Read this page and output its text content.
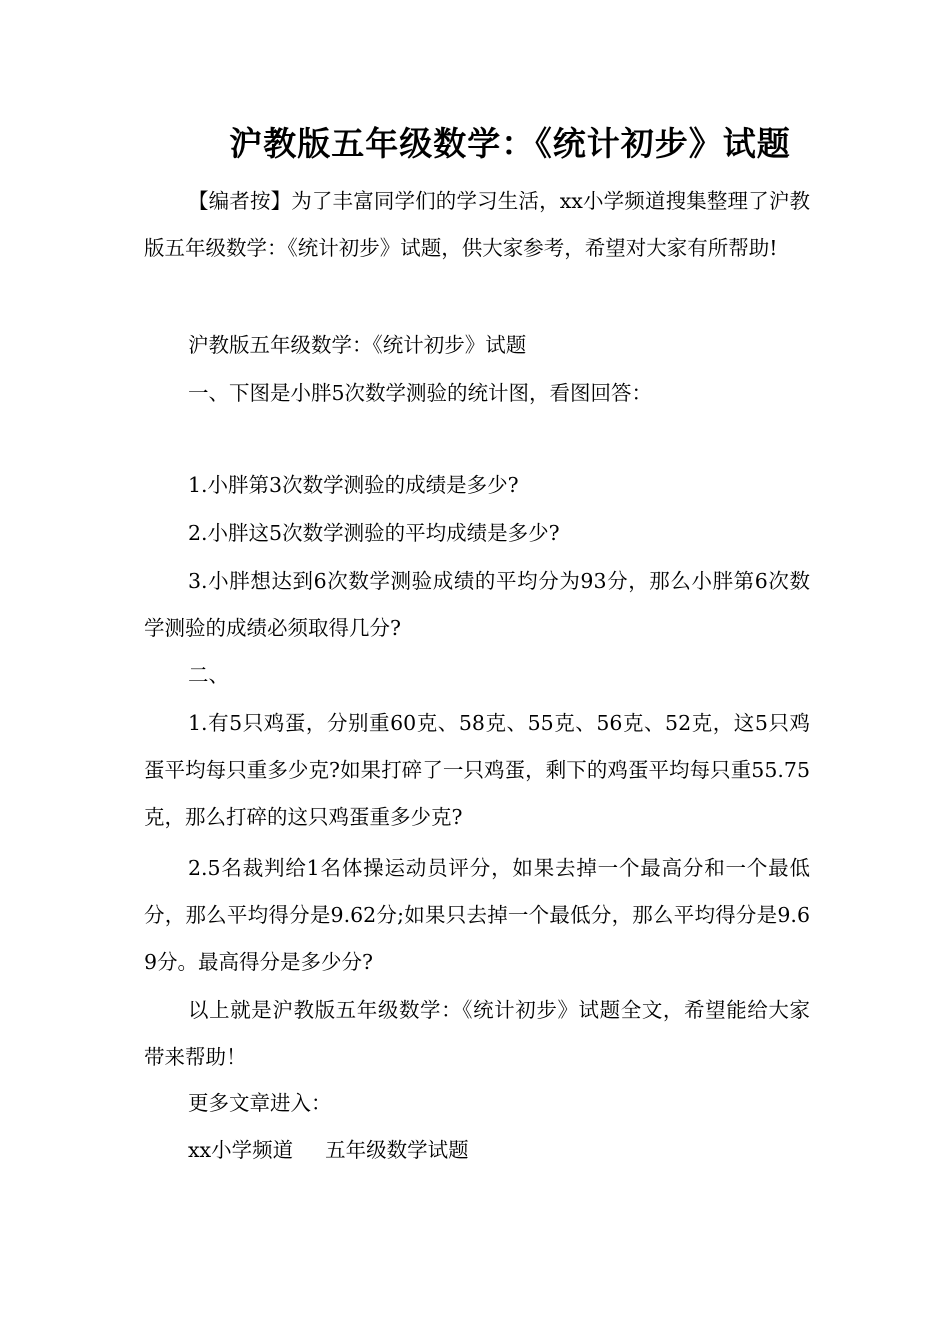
沪教版五年级数学：《统计初步》试题

【编者按】为了丰富同学们的学习生活，xx小学频道搜集整理了沪教版五年级数学：《统计初步》试题，供大家参考，希望对大家有所帮助!

沪教版五年级数学：《统计初步》试题

一、下图是小胖5次数学测验的统计图，看图回答：

1.小胖第3次数学测验的成绩是多少?

2.小胖这5次数学测验的平均成绩是多少?

3.小胖想达到6次数学测验成绩的平均分为93分，那么小胖第6次数学测验的成绩必须取得几分?

二、

1.有5只鸡蛋，分别重60克、58克、55克、56克、52克，这5只鸡蛋平均每只重多少克?如果打碎了一只鸡蛋，剩下的鸡蛋平均每只重55.75克，那么打碎的这只鸡蛋重多少克?

2.5名裁判给1名体操运动员评分，如果去掉一个最高分和一个最低分，那么平均得分是9.62分;如果只去掉一个最低分，那么平均得分是9.69分。最高得分是多少分?

以上就是沪教版五年级数学：《统计初步》试题全文，希望能给大家带来帮助！

更多文章进入：

xx小学频道 五年级数学试题
